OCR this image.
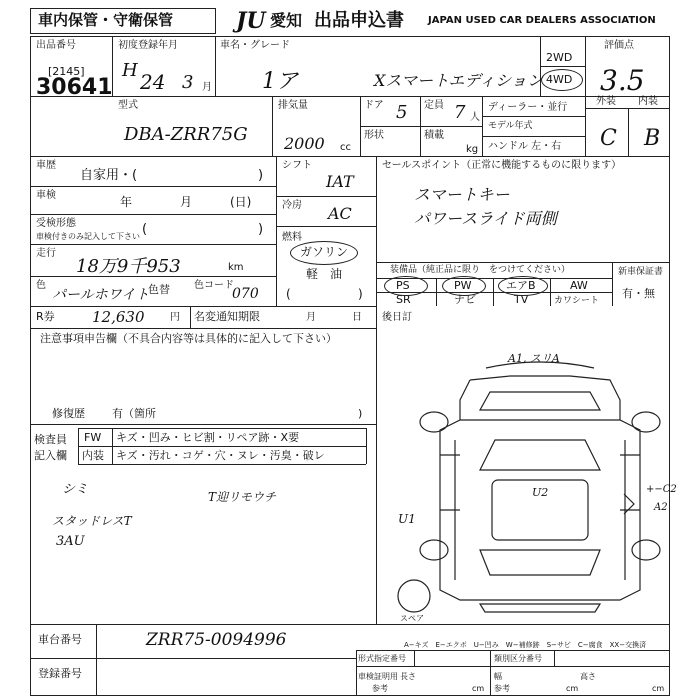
車内保管・守衛保管	JU 愛知 出品申込書 JAPAN USED CAR DEALERS ASSOCIATION
出品番号
[2145]
30641
初度登録年月
H 24 3 月
車名・グレード
1ア	Xスマートエディション
2WD
4WD
評価点
3.5
型式
DBA-ZRR75G
排気量
2000 cc
ドア 5 定員 7 人
形状	積載
kg
ディーラー・並行
モデル年式
ハンドル 左・右
外装 内装
C B
車歴
自家用・(	)
車検	年	月	(日)
受検形態
車検付きのみ記入して下さい (	)
走行
18万9千953	km
色
パールホワイト
色替 色コード
070
シフト
IAT
冷房 AC
燃料
ガソリン
軽　油
(	)
セールスポイント（正常に機能するものに限ります）
スマートキー
パワースライド両側
装備品（純正品に限り　をつけてください）
PS	PW	エアB	AW
SR	ナビ	TV	カワシート
新車保証書
有・無
R券 12,630	円 名変通知期限	月	日
注意事項申告欄（不具合内容等は具体的に記入して下さい）
修復歴 有（箇所	)
後日訂
検査員記入欄
FW キズ・凹み・ヒビ割・リペア跡・X要
内装 キズ・汚れ・コゲ・穴・ヌレ・汚臭・破レ
シミ	T迎リモウチ
スタッドレスT
3AU
A1, スリA
+−C2
A2
U1
U2
スペア
A−キズ　E−エクボ　U−凹み　W−補修跡　S−サビ　C−腐食　XX−交換済
車台番号	ZRR75-0094996
登録番号
形式指定番号	類別区分番号
車検証明用
参考
長さ
cm
幅
参考	cm
高さ
cm
